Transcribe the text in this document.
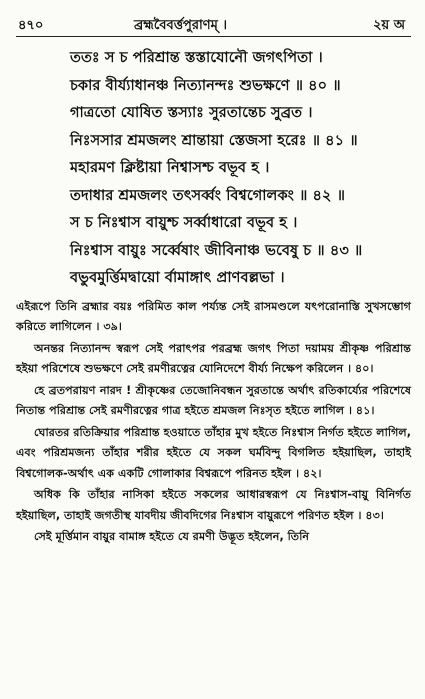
৪৭০	ব্রহ্মবৈবর্ত্তপুরাণম্ ।	২য় অ
ততঃ স চ পরিশ্রান্ত স্তস্তাযোনৌ জগৎপিতা ।
চকার বীর্য্যাধানঞ্চ নিত্যানন্দঃ শুভক্ষণে ॥ ৪০ ॥
গাত্রতো যোষিত স্তস্যাঃ সুরতান্তেচ সুব্রত ।
নিঃসসার শ্রমজলং শ্রান্তায়া স্তেজসা হরেঃ ॥ ৪১ ॥
মহারমণ ক্লিষ্টায়া নিশ্বাসশ্চ বভূব হ ।
তদাধার শ্রমজলং তৎসর্ব্বং বিশ্বগোলকং ॥ ৪২ ॥
স চ নিঃশ্বাস বায়ুশ্চ সর্ব্বাধারো বভূব হ ।
নিঃশ্বাস বায়ুঃ সর্ব্বেষাং জীবিনাঞ্চ ভবেষু চ ॥ ৪৩ ॥
বভুবমুর্ত্তিমদ্বায়ো র্বামাঙ্গাৎ প্রাণবল্লভা ।

এইরূপে তিনি ব্রহ্মার বয়ঃ পরিমিত কাল পর্য্যন্ত সেই রাসমণ্ডলে যৎপরোনাস্তি সুখসম্ভোগ করিতে লাগিলেন । ৩৯।

অনন্তর নিত্যানন্দ স্বরূপ সেই পরাৎপর পরব্রহ্ম জগৎ পিতা দয়াময় শ্রীকৃষ্ণ পরিশ্রান্ত হইয়া পরিশেষে শুভক্ষণে সেই রমণীরত্নের যোনিদেশে বীর্য্য নিক্ষেপ করিলেন । ৪০।

হে ব্রতপরায়ণ নারদ ! শ্রীকৃষ্ণের তেজোনিবন্ধন সুরতান্তে অর্থাৎ রতিকার্য্যের পরিশেষে নিতান্ত পরিশ্রান্ত সেই রমণীরত্নের গাত্র হইতে শ্রমজল নিঃসৃত হইতে লাগিল । ৪১।

ঘোরতর রতিক্রিয়ার পরিশ্রান্ত হওয়াতে তাঁহার মুখ হইতে নিঃশ্বাস নির্গত হইতে লাগিল, এবং পরিশ্রমজন্য তাঁহার শরীর হইতে যে সকল ঘর্মবিন্দু বিগলিত হইয়াছিল, তাহাই বিশ্বগোলক-অর্থাৎ এক একটি গোলাকার বিশ্বরূপে পরিনত হইল । ৪২।

অধিক কি তাঁহার নাসিকা হইতে সকলের আধারস্বরূপ যে নিঃশ্বাস-বায়ু বিনির্গত হইয়াছিল, তাহাই জগতীস্থ যাবদীয় জীবদিগের নিঃশ্বাস বায়ুরূপে পরিণত হইল । ৪৩।

সেই মূর্ত্তিমান বায়ুর বামাঙ্গ হইতে যে রমণী উদ্ভূত হইলেন, তিনি
